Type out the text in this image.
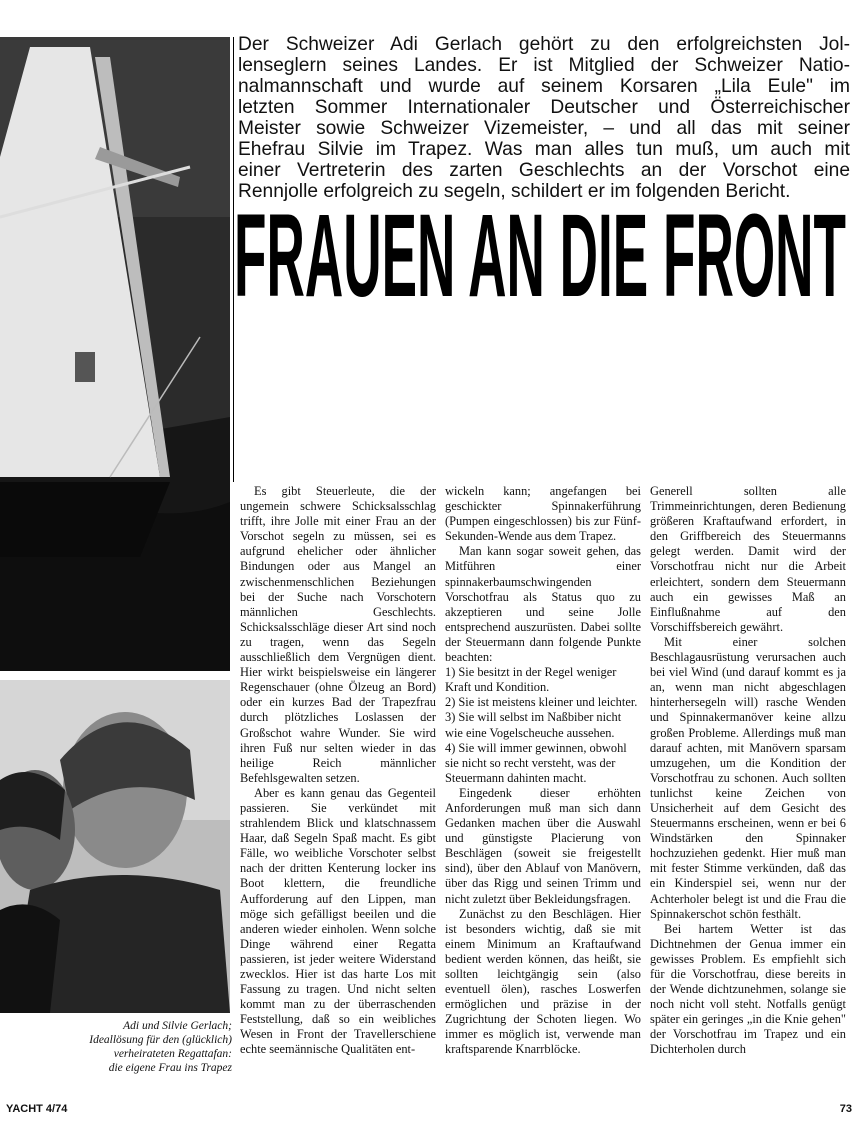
Adi und Silvie Gerlach;
Ideallösung für den (glücklich)
verheirateten Regattafan:
die eigene Frau ins Trapez
Der Schweizer Adi Gerlach gehört zu den erfolgreichsten Jol-
lenseglern seines Landes. Er ist Mitglied der Schweizer Natio-
nalmannschaft und wurde auf seinem Korsaren „Lila Eule" im
letzten Sommer Internationaler Deutscher und Österreichischer
Meister sowie Schweizer Vizemeister, – und all das mit seiner
Ehefrau Silvie im Trapez. Was man alles tun muß, um auch mit
einer Vertreterin des zarten Geschlechts an der Vorschot eine
Rennjolle erfolgreich zu segeln, schildert er im folgenden Bericht.
FRAUEN AN DIE FRONT

Es gibt Steuerleute, die der ungemein schwere Schicksalsschlag trifft, ihre Jolle mit einer Frau an der Vorschot segeln zu müssen, sei es aufgrund ehelicher oder ähnlicher Bindungen oder aus Mangel an zwischenmenschlichen Beziehungen bei der Suche nach Vorschotern männlichen Geschlechts. Schicksalsschläge dieser Art sind noch zu tragen, wenn das Segeln ausschließlich dem Vergnügen dient. Hier wirkt beispielsweise ein längerer Regenschauer (ohne Ölzeug an Bord) oder ein kurzes Bad der Trapezfrau durch plötzliches Loslassen der Großschot wahre Wunder. Sie wird ihren Fuß nur selten wieder in das heilige Reich männlicher Befehlsgewalten setzen.

Aber es kann genau das Gegenteil passieren. Sie verkündet mit strahlendem Blick und klatschnassem Haar, daß Segeln Spaß macht. Es gibt Fälle, wo weibliche Vorschoter selbst nach der dritten Kenterung locker ins Boot klettern, die freundliche Aufforderung auf den Lippen, man möge sich gefälligst beeilen und die anderen wieder einholen. Wenn solche Dinge während einer Regatta passieren, ist jeder weitere Widerstand zwecklos. Hier ist das harte Los mit Fassung zu tragen. Und nicht selten kommt man zu der überraschenden Feststellung, daß so ein weibliches Wesen in Front der Travellerschiene echte seemännische Qualitäten ent-

wickeln kann; angefangen bei geschickter Spinnakerführung (Pumpen eingeschlossen) bis zur Fünf-Sekunden-Wende aus dem Trapez.

Man kann sogar soweit gehen, das Mitführen einer spinnakerbaumschwingenden Vorschotfrau als Status quo zu akzeptieren und seine Jolle entsprechend auszurüsten. Dabei sollte der Steuermann dann folgende Punkte beachten:

1) Sie besitzt in der Regel weniger Kraft und Kondition.

2) Sie ist meistens kleiner und leichter.

3) Sie will selbst im Naßbiber nicht wie eine Vogelscheuche aussehen.

4) Sie will immer gewinnen, obwohl sie nicht so recht versteht, was der Steuermann dahinten macht.

Eingedenk dieser erhöhten Anforderungen muß man sich dann Gedanken machen über die Auswahl und günstigste Placierung von Beschlägen (soweit sie freigestellt sind), über den Ablauf von Manövern, über das Rigg und seinen Trimm und nicht zuletzt über Bekleidungsfragen.

Zunächst zu den Beschlägen. Hier ist besonders wichtig, daß sie mit einem Minimum an Kraftaufwand bedient werden können, das heißt, sie sollten leichtgängig sein (also eventuell ölen), rasches Loswerfen ermöglichen und präzise in der Zugrichtung der Schoten liegen. Wo immer es möglich ist, verwende man kraftsparende Knarrblöcke.

Generell sollten alle Trimmeinrichtungen, deren Bedienung größeren Kraftaufwand erfordert, in den Griffbereich des Steuermanns gelegt werden. Damit wird der Vorschotfrau nicht nur die Arbeit erleichtert, sondern dem Steuermann auch ein gewisses Maß an Einflußnahme auf den Vorschiffsbereich gewährt.

Mit einer solchen Beschlagausrüstung verursachen auch bei viel Wind (und darauf kommt es ja an, wenn man nicht abgeschlagen hinterhersegeln will) rasche Wenden und Spinnakermanöver keine allzu großen Probleme. Allerdings muß man darauf achten, mit Manövern sparsam umzugehen, um die Kondition der Vorschotfrau zu schonen. Auch sollten tunlichst keine Zeichen von Unsicherheit auf dem Gesicht des Steuermanns erscheinen, wenn er bei 6 Windstärken den Spinnaker hochzuziehen gedenkt. Hier muß man mit fester Stimme verkünden, daß das ein Kinderspiel sei, wenn nur der Achterholer belegt ist und die Frau die Spinnakerschot schön festhält.

Bei hartem Wetter ist das Dichtnehmen der Genua immer ein gewisses Problem. Es empfiehlt sich für die Vorschotfrau, diese bereits in der Wende dichtzunehmen, solange sie noch nicht voll steht. Notfalls genügt später ein geringes „in die Knie gehen" der Vorschotfrau im Trapez und ein Dichterholen durch

YACHT 4/74	73
